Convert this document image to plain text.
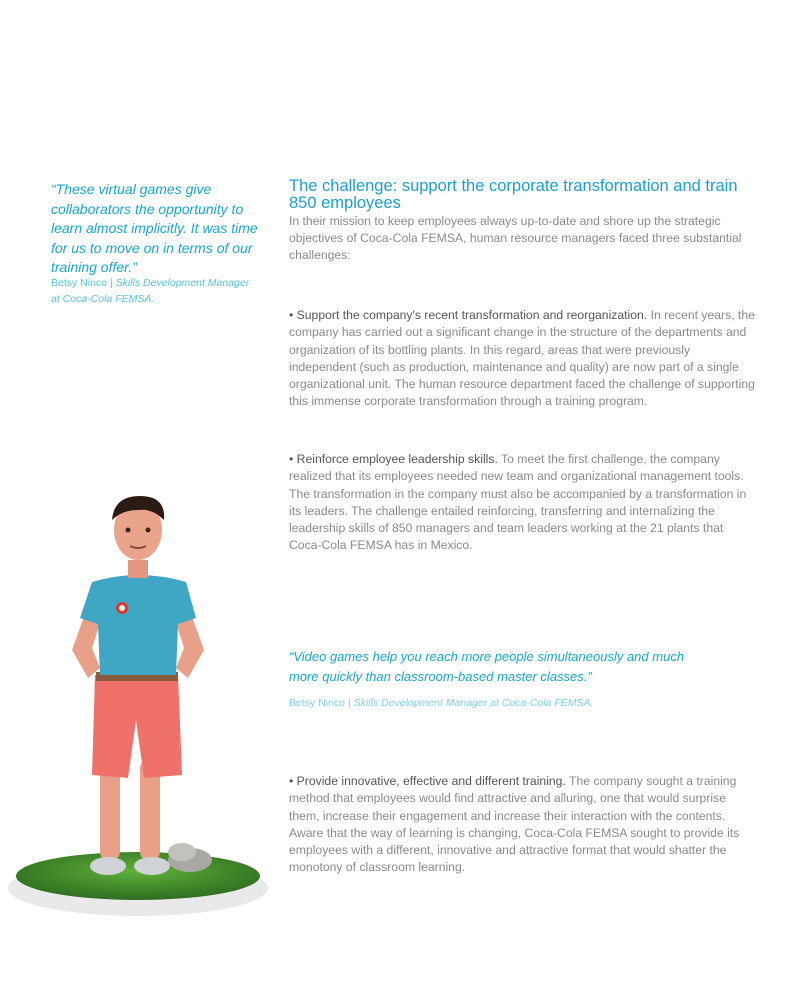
“These virtual games give collaborators the opportunity to learn almost implicitly. It was time for us to move on in terms of our training offer.”

Betsy Ninco | Skills Development Manager at Coca-Cola FEMSA.

The challenge: support the corporate transformation and train 850 employees

In their mission to keep employees always up-to-date and shore up the strategic objectives of Coca-Cola FEMSA, human resource managers faced three substantial challenges:

• Support the company's recent transformation and reorganization. In recent years, the company has carried out a significant change in the structure of the departments and organization of its bottling plants. In this regard, areas that were previously independent (such as production, maintenance and quality) are now part of a single organizational unit. The human resource department faced the challenge of supporting this immense corporate transformation through a training program.

• Reinforce employee leadership skills. To meet the first challenge, the company realized that its employees needed new team and organizational management tools. The transformation in the company must also be accompanied by a transformation in its leaders. The challenge entailed reinforcing, transferring and internalizing the leadership skills of 850 managers and team leaders working at the 21 plants that Coca-Cola FEMSA has in Mexico.

“Video games help you reach more people simultaneously and much more quickly than classroom-based master classes.”

Betsy Ninco | Skills Development Manager at Coca-Cola FEMSA.

• Provide innovative, effective and different training. The company sought a training method that employees would find attractive and alluring, one that would surprise them, increase their engagement and increase their interaction with the contents. Aware that the way of learning is changing, Coca-Cola FEMSA sought to provide its employees with a different, innovative and attractive format that would shatter the monotony of classroom learning.
